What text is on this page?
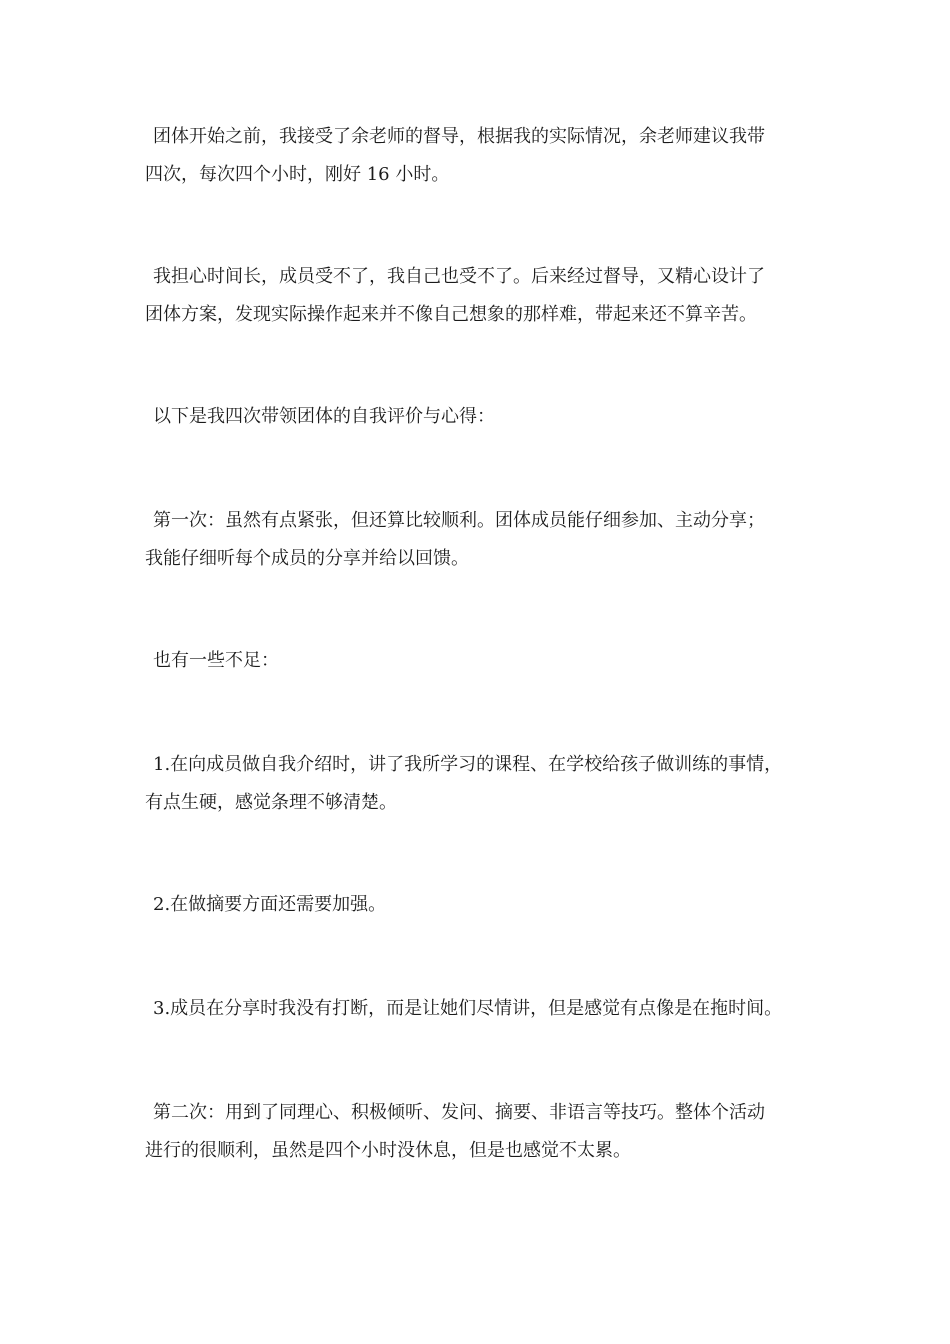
团体开始之前，我接受了余老师的督导，根据我的实际情况，余老师建议我带
四次，每次四个小时，刚好 16 小时。

我担心时间长，成员受不了，我自己也受不了。后来经过督导，又精心设计了
团体方案，发现实际操作起来并不像自己想象的那样难，带起来还不算辛苦。

以下是我四次带领团体的自我评价与心得：

第一次：虽然有点紧张，但还算比较顺利。团体成员能仔细参加、主动分享；
我能仔细听每个成员的分享并给以回馈。

也有一些不足：

1.在向成员做自我介绍时，讲了我所学习的课程、在学校给孩子做训练的事情，
有点生硬，感觉条理不够清楚。

2.在做摘要方面还需要加强。

3.成员在分享时我没有打断，而是让她们尽情讲，但是感觉有点像是在拖时间。

第二次：用到了同理心、积极倾听、发问、摘要、非语言等技巧。整体个活动
进行的很顺利，虽然是四个小时没休息，但是也感觉不太累。
